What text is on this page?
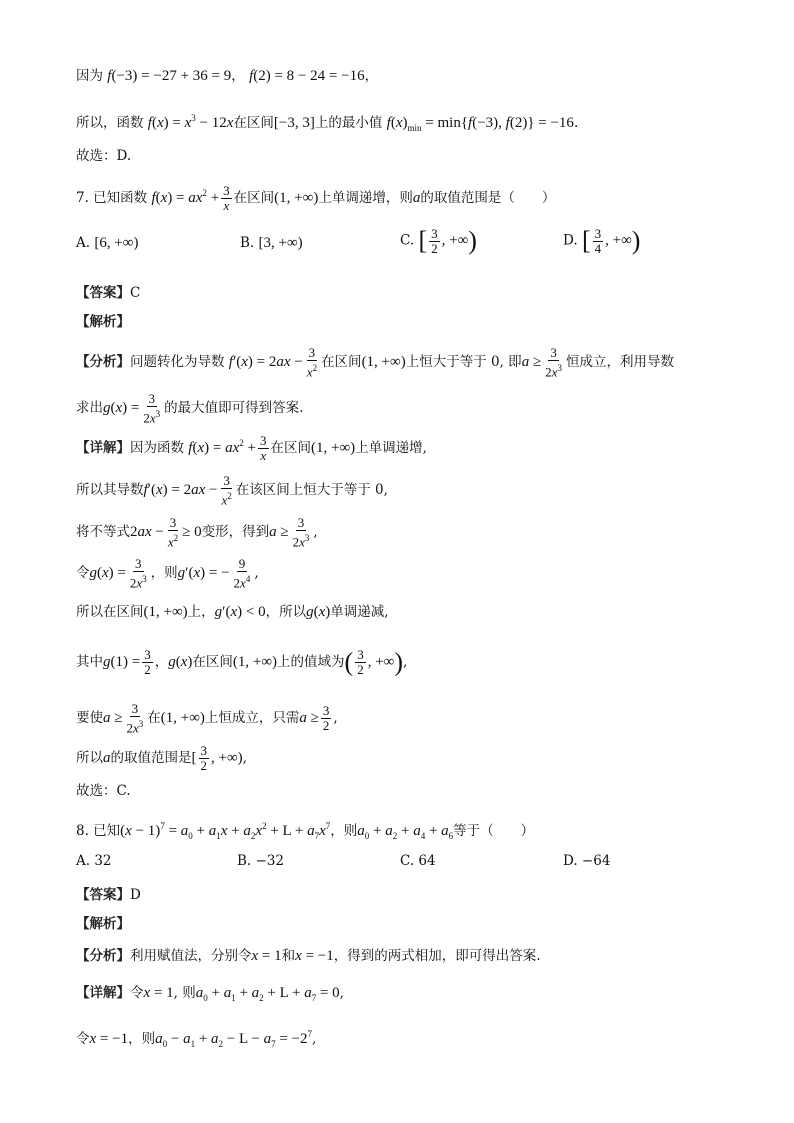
因为 f(−3) = −27 + 36 = 9， f(2) = 8 − 24 = −16，
所以，函数 $f(x) = x^3 - 12x$在区间[−3, 3]上的最小值 $f(x)_{min} = \min\{f(-3)$, f(2)} = −16.
故选：D.
7. 已知函数 $f(x) = ax^2 + \frac{3}{x}$ 在区间(1, +∞)上单调递增，则a的取值范围是（　　）
A. [6, +∞)	B. [3, +∞)	C. [ $\frac{3}{2}$ , +∞)	D. [ $\frac{3}{4}$ , +∞)
【答案】C
【解析】
【分析】问题转化为导数 $f'(x) = 2ax - \frac{3}{x^2}$ 在区间(1, +∞)上恒大于等于 0, 即$a \ge \frac{3}{2x^3}$ 恒成立，利用导数
求出$g(x) = \frac{3}{2x^3}$ 的最大值即可得到答案.
【详解】因为函数 $f(x) = ax^2 + \frac{3}{x}$ 在区间(1, +∞)上单调递增,
所以其导数$f'(x) = 2ax - \frac{3}{x^2}$ 在该区间上恒大于等于 0,
将不等式$2ax - \frac{3}{x^2} \ge 0$变形，得到$a \ge \frac{3}{2x^3}$ ,
令$g(x) = \frac{3}{2x^3}$ ，则g′(x) = − $\frac{9}{2x^4}$ ,
所以在区间(1, +∞)上，g′(x) < 0，所以g(x)单调递减,
其中$g(1) = \frac{3}{2}$ ，g(x)在区间(1, +∞)上的值域为( $\frac{3}{2}$ , +∞),
要使$a \ge \frac{3}{2x^3}$ 在(1, +∞)上恒成立，只需$a \ge \frac{3}{2}$ ,
所以a的取值范围是[ $\frac{3}{2}$ , +∞),
故选：C.
8. 已知$(x - 1)^7 = a_0 + a_1x + a_2x^2 + L + a_7x^7$，则$a_0 + a_2 + a_4 + a_6$等于（　　）
A. 32	B. −32	C. 64	D. −64
【答案】D
【解析】
【分析】利用赋值法，分别令x = 1和x = −1，得到的两式相加，即可得出答案.
【详解】令x = 1, 则$a_0 + a_1 + a_2 + L + a_7 = 0$,
令x = −1，则$a_0 - a_1 + a_2 - L - a_7 = -2^7$,
